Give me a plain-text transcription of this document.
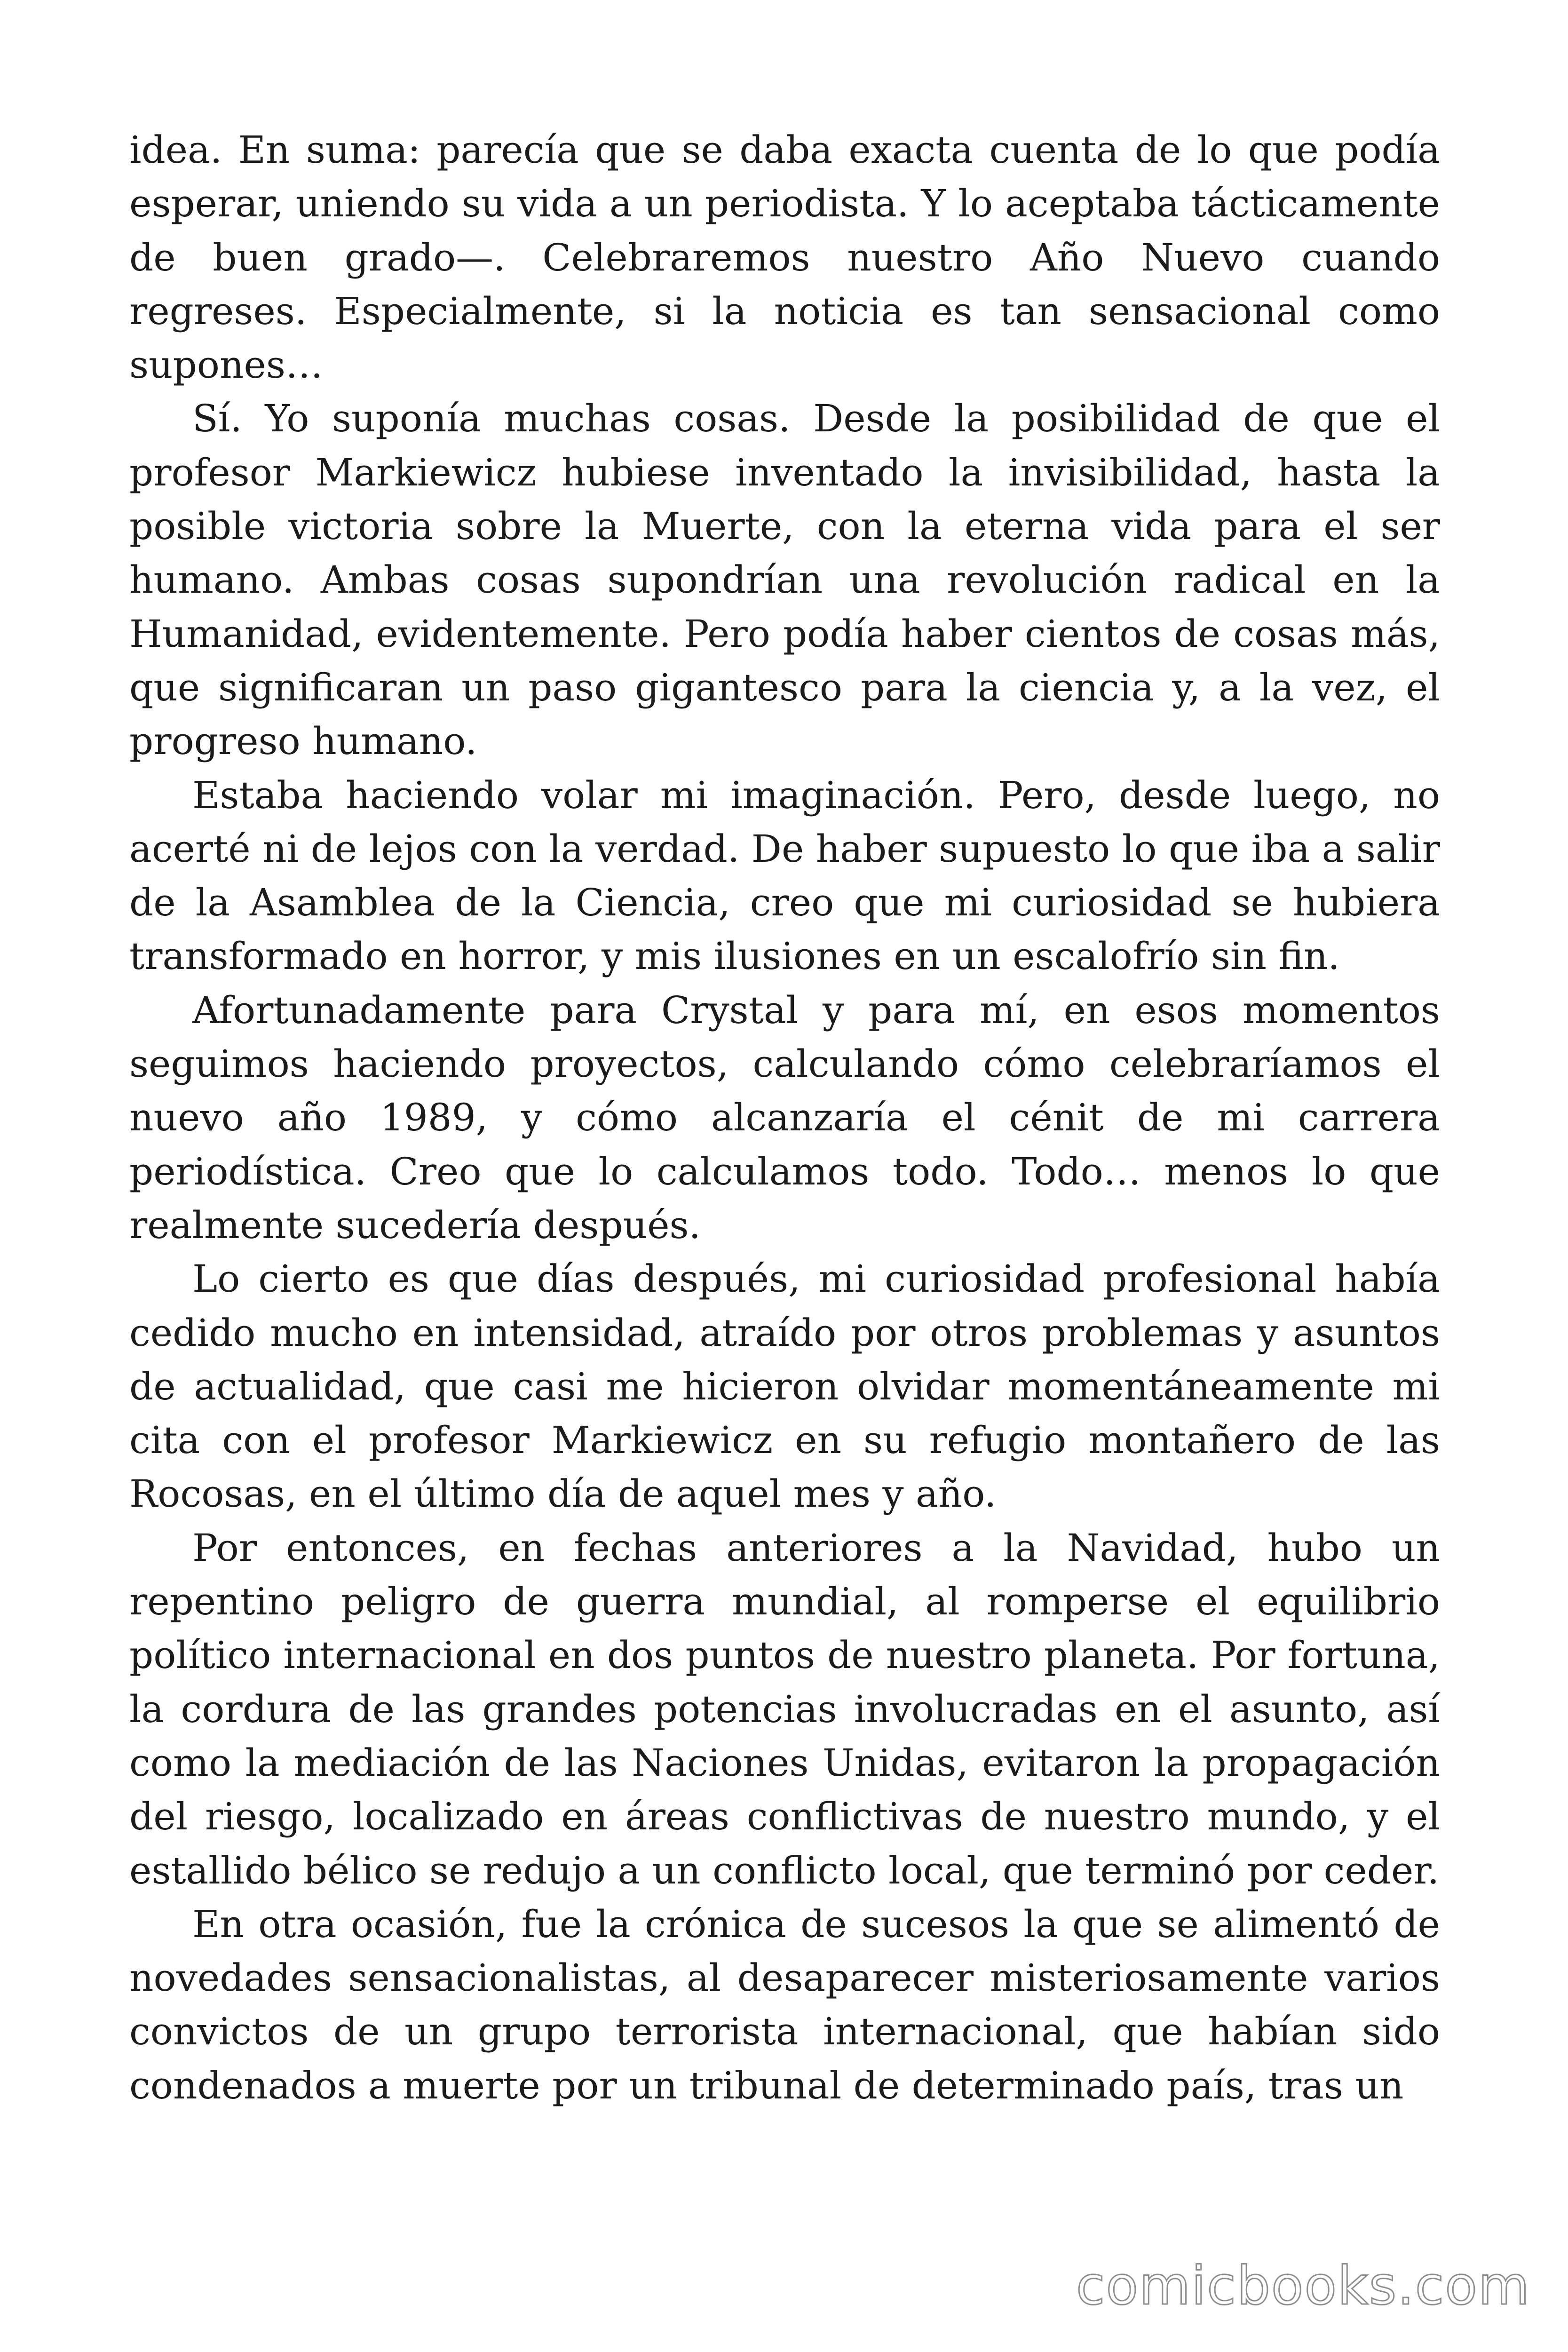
idea. En suma: parecía que se daba exacta cuenta de lo que podía esperar, uniendo su vida a un periodista. Y lo aceptaba tácticamente de buen grado—. Celebraremos nuestro Año Nuevo cuando regreses. Especialmente, si la noticia es tan sensacional como supones…

Sí. Yo suponía muchas cosas. Desde la posibilidad de que el profesor Markiewicz hubiese inventado la invisibilidad, hasta la posible victoria sobre la Muerte, con la eterna vida para el ser humano. Ambas cosas supondrían una revolución radical en la Humanidad, evidentemente. Pero podía haber cientos de cosas más, que significaran un paso gigantesco para la ciencia y, a la vez, el progreso humano.

Estaba haciendo volar mi imaginación. Pero, desde luego, no acerté ni de lejos con la verdad. De haber supuesto lo que iba a salir de la Asamblea de la Ciencia, creo que mi curiosidad se hubiera transformado en horror, y mis ilusiones en un escalofrío sin fin.

Afortunadamente para Crystal y para mí, en esos momentos seguimos haciendo proyectos, calculando cómo celebraríamos el nuevo año 1989, y cómo alcanzaría el cénit de mi carrera periodística. Creo que lo calculamos todo. Todo… menos lo que realmente sucedería después.

Lo cierto es que días después, mi curiosidad profesional había cedido mucho en intensidad, atraído por otros problemas y asuntos de actualidad, que casi me hicieron olvidar momentáneamente mi cita con el profesor Markiewicz en su refugio montañero de las Rocosas, en el último día de aquel mes y año.

Por entonces, en fechas anteriores a la Navidad, hubo un repentino peligro de guerra mundial, al romperse el equilibrio político internacional en dos puntos de nuestro planeta. Por fortuna, la cordura de las grandes potencias involucradas en el asunto, así como la mediación de las Naciones Unidas, evitaron la propagación del riesgo, localizado en áreas conflictivas de nuestro mundo, y el estallido bélico se redujo a un conflicto local, que terminó por ceder.

En otra ocasión, fue la crónica de sucesos la que se alimentó de novedades sensacionalistas, al desaparecer misteriosamente varios convictos de un grupo terrorista internacional, que habían sido condenados a muerte por un tribunal de determinado país, tras un

comicbooks.com
